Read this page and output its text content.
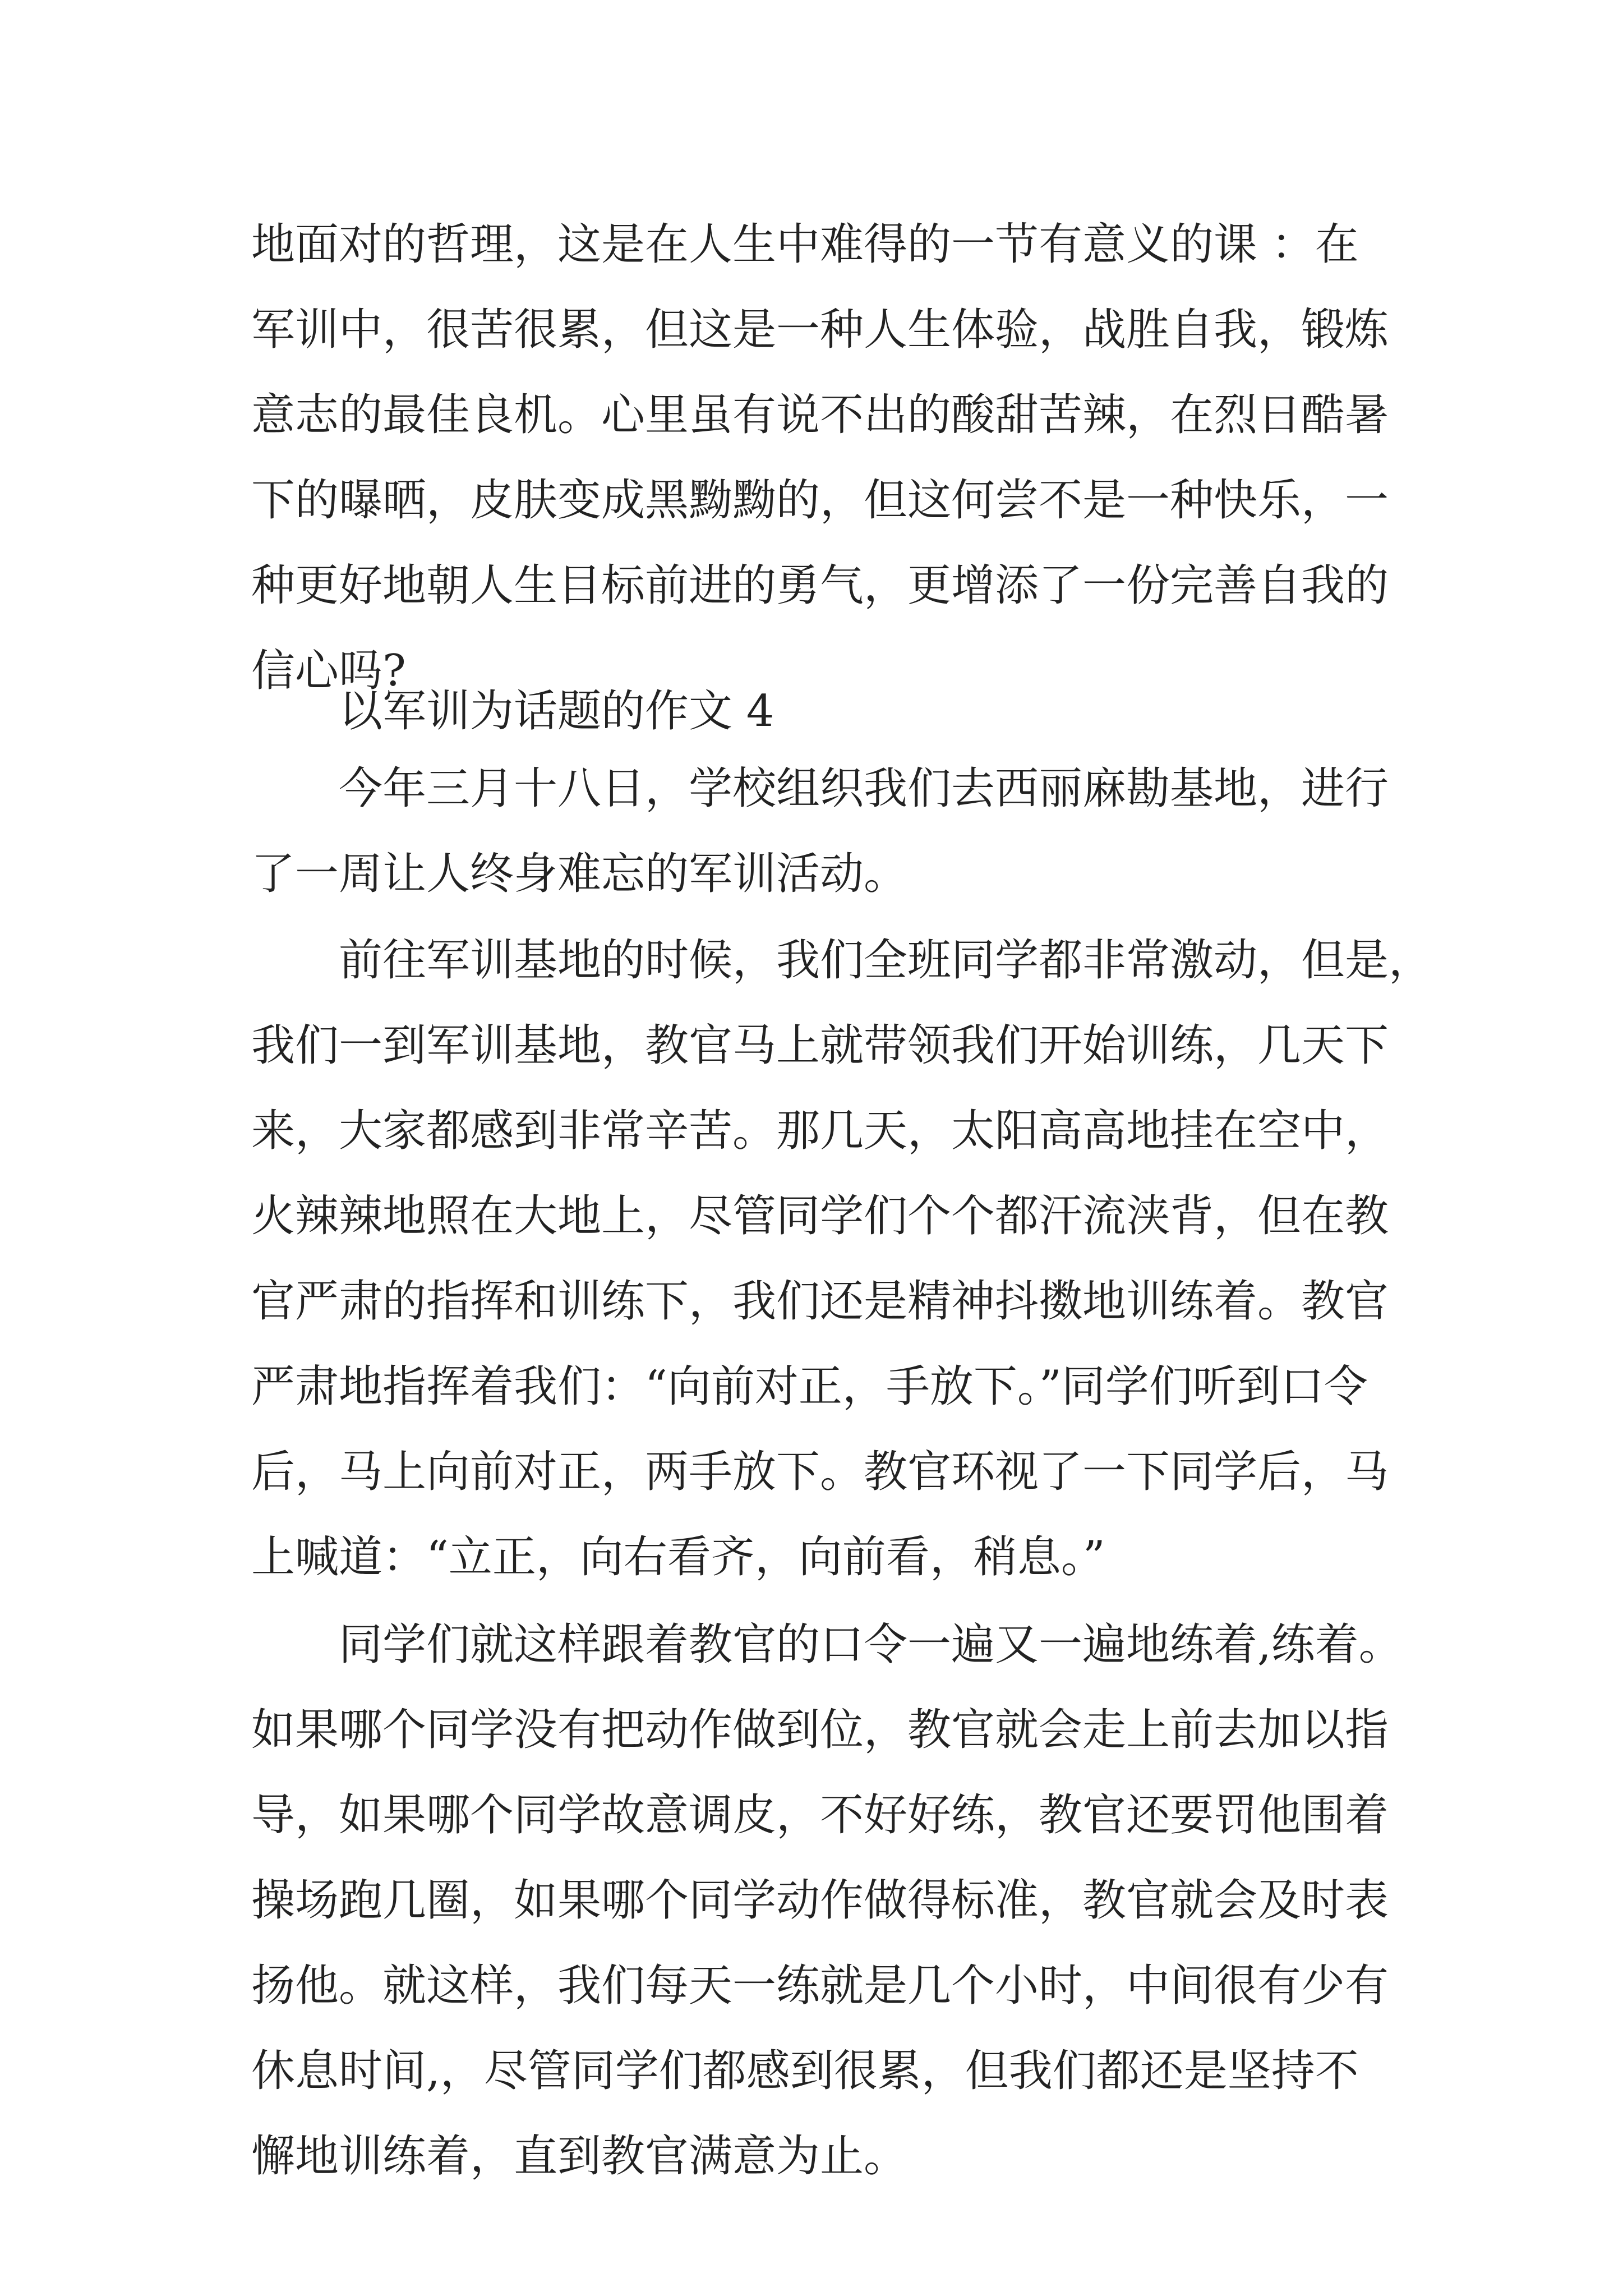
地面对的哲理，这是在人生中难得的一节有意义的课 ：在
军训中，很苦很累，但这是一种人生体验，战胜自我，锻炼
意志的最佳良机。心里虽有说不出的酸甜苦辣，在烈日酷暑
下的曝晒，皮肤变成黑黝黝的，但这何尝不是一种快乐，一
种更好地朝人生目标前进的勇气，更增添了一份完善自我的
信心吗?
以军训为话题的作文 4
今年三月十八日，学校组织我们去西丽麻勘基地，进行
了一周让人终身难忘的军训活动。
前往军训基地的时候，我们全班同学都非常激动，但是，
我们一到军训基地，教官马上就带领我们开始训练，几天下
来，大家都感到非常辛苦。那几天，太阳高高地挂在空中，
火辣辣地照在大地上，尽管同学们个个都汗流浃背，但在教
官严肃的指挥和训练下，我们还是精神抖擞地训练着。教官
严肃地指挥着我们：“向前对正，手放下。”同学们听到口令
后，马上向前对正，两手放下。教官环视了一下同学后，马
上喊道：“立正，向右看齐，向前看，稍息。”
同学们就这样跟着教官的口令一遍又一遍地练着,练着。
如果哪个同学没有把动作做到位，教官就会走上前去加以指
导，如果哪个同学故意调皮，不好好练，教官还要罚他围着
操场跑几圈，如果哪个同学动作做得标准，教官就会及时表
扬他。就这样，我们每天一练就是几个小时，中间很有少有
休息时间,，尽管同学们都感到很累，但我们都还是坚持不
懈地训练着，直到教官满意为止。
